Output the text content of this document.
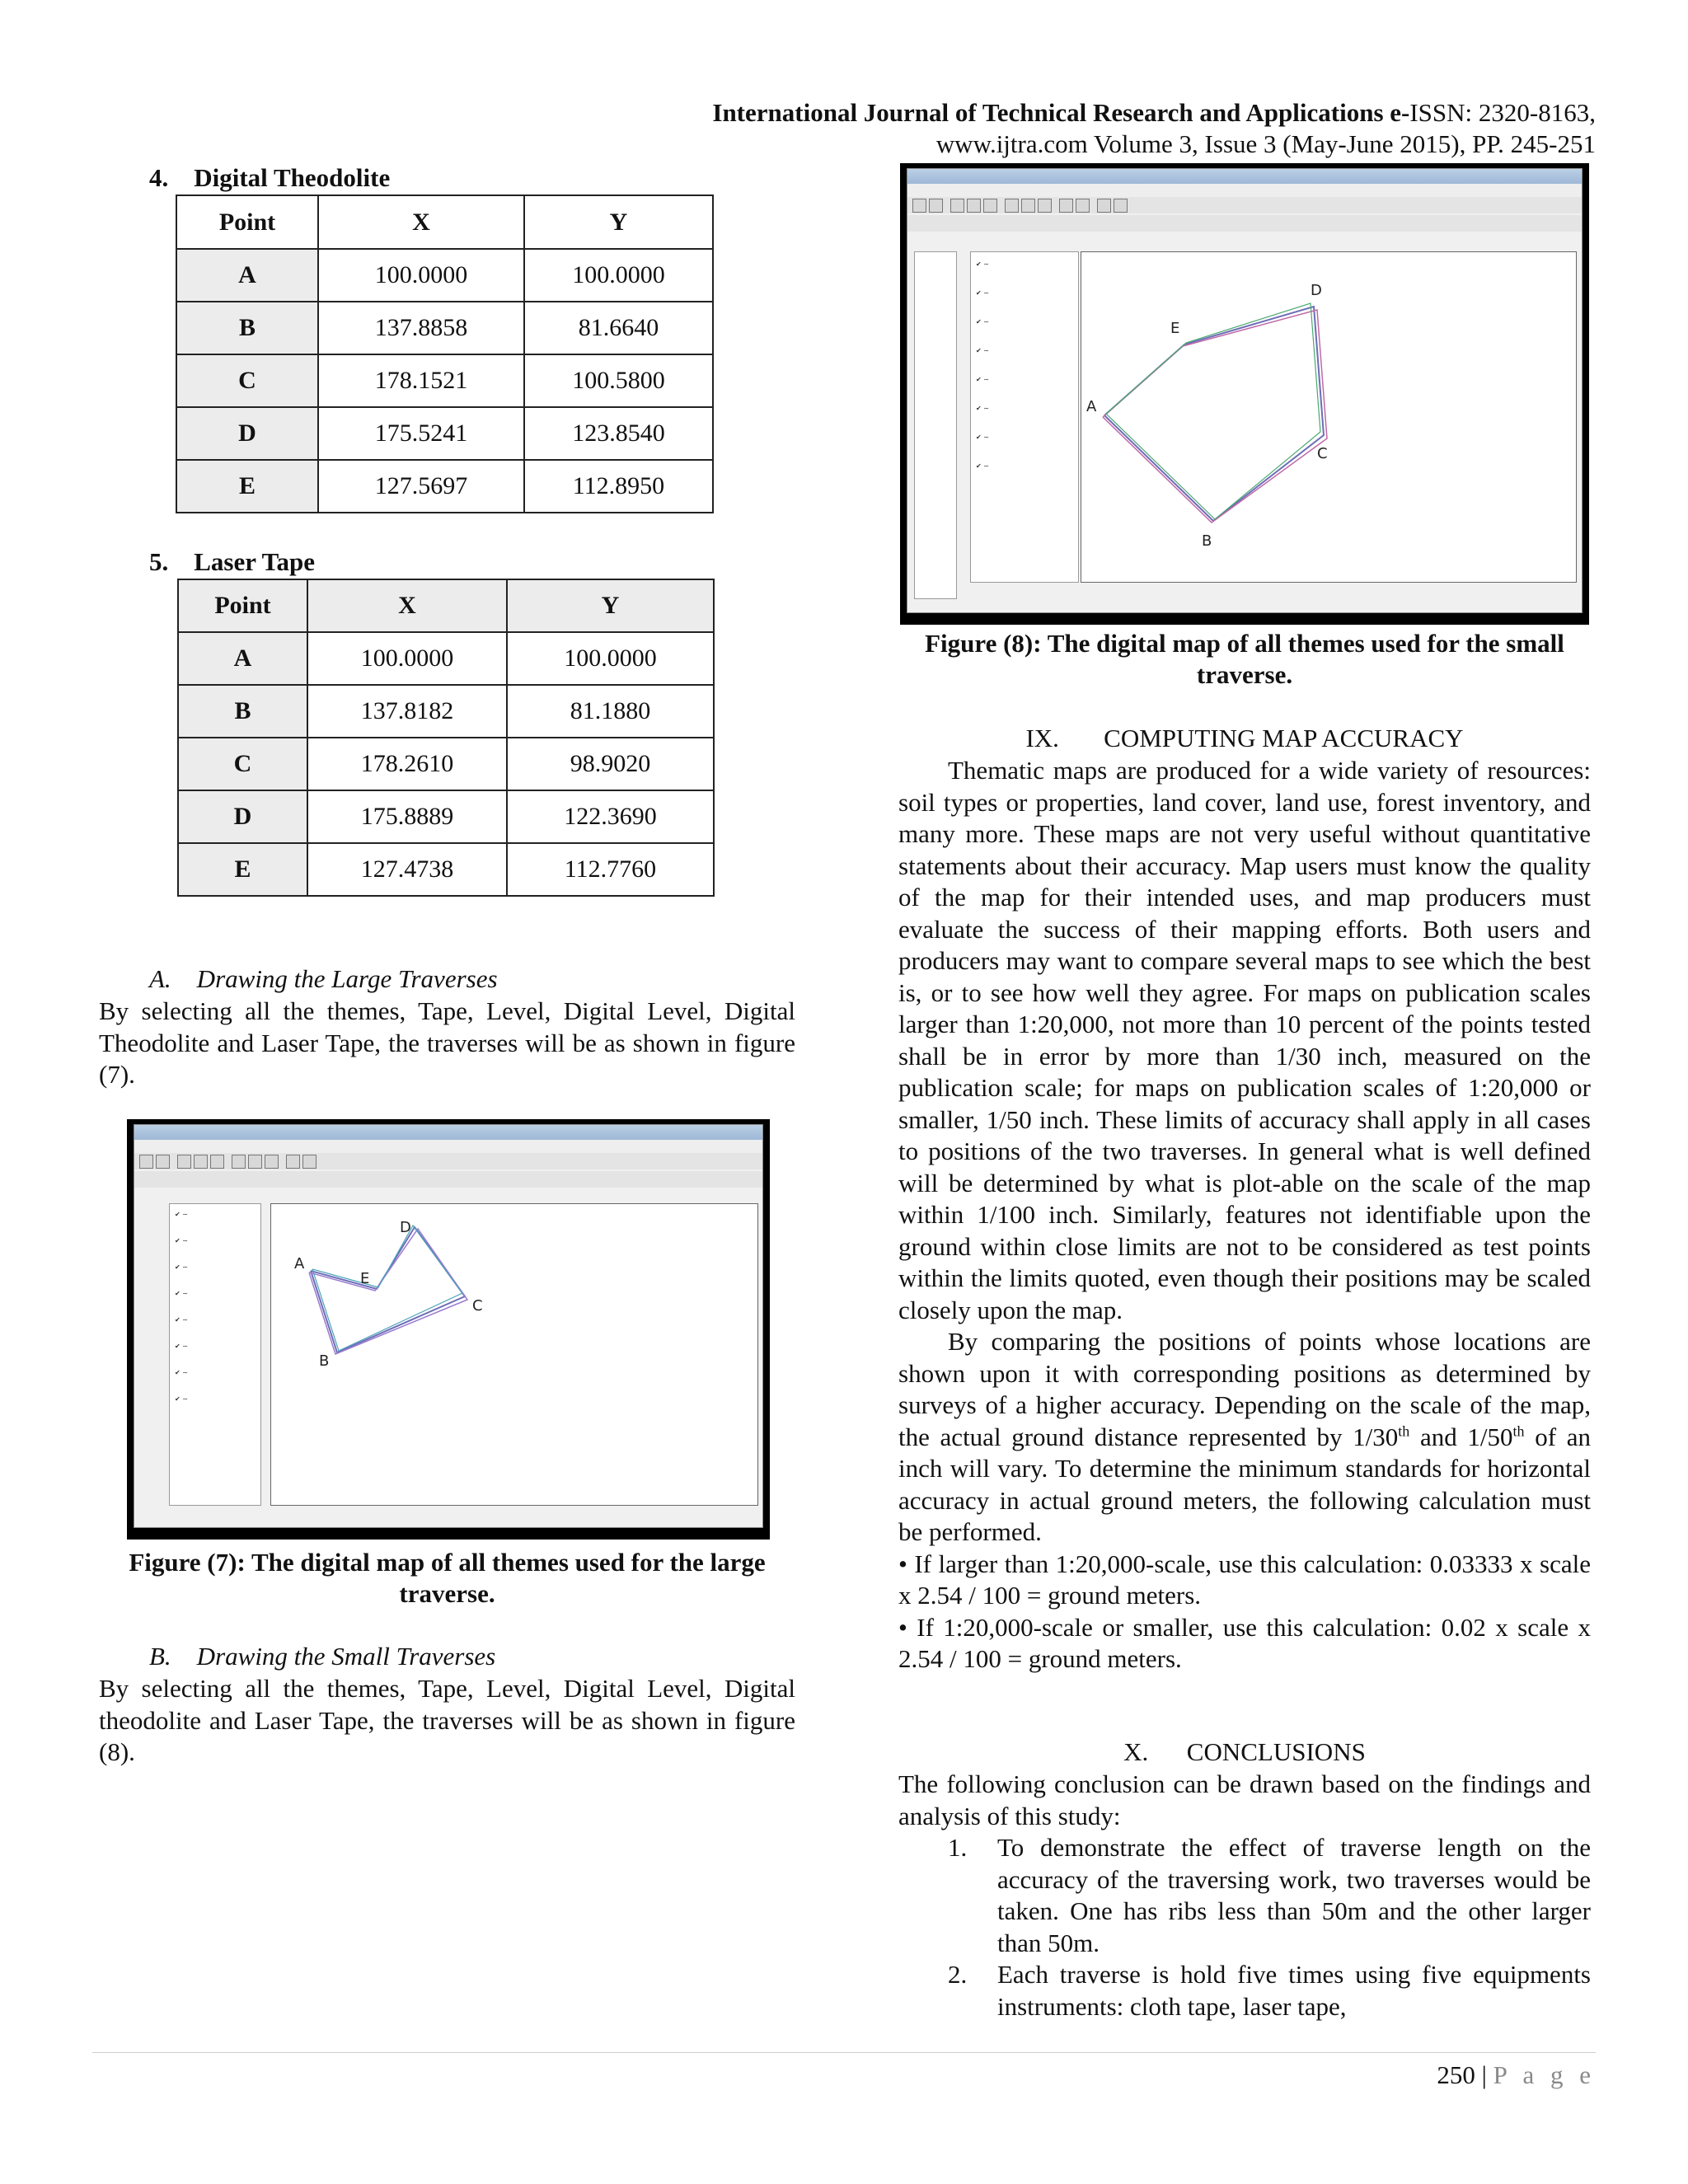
International Journal of Technical Research and Applications e-ISSN: 2320-8163,
www.ijtra.com Volume 3, Issue 3 (May-June 2015), PP. 245-251
4.    Digital Theodolite
Point	X	Y
A	100.0000	100.0000
B	137.8858	81.6640
C	178.1521	100.5800
D	175.5241	123.8540
E	127.5697	112.8950
5.    Laser Tape
Point	X	Y
A	100.0000	100.0000
B	137.8182	81.1880
C	178.2610	98.9020
D	175.8889	122.3690
E	127.4738	112.7760
A.    Drawing the Large Traverses
By selecting all the themes, Tape, Level, Digital Level, Digital Theodolite and Laser Tape, the traverses will be as shown in figure (7).
✔ ∼
✔ ∼
✔ ∼
✔ ∼
✔ ∼
✔ ∼
✔ ∼
✔ ∼
A
B
C
D
E
Figure (7): The digital map of all themes used for the large traverse.
B.    Drawing the Small Traverses
By selecting all the themes, Tape, Level, Digital Level, Digital theodolite and Laser Tape, the traverses will be as shown in figure (8).
✔ ∼
✔ ∼
✔ ∼
✔ ∼
✔ ∼
✔ ∼
✔ ∼
✔ ∼
A
B
C
D
E
Figure (8): The digital map of all themes used for the small traverse.
IX.       COMPUTING MAP ACCURACY

Thematic maps are produced for a wide variety of resources: soil types or properties, land cover, land use, forest inventory, and many more. These maps are not very useful without quantitative statements about their accuracy. Map users must know the quality of the map for their intended uses, and map producers must evaluate the success of their mapping efforts. Both users and producers may want to compare several maps to see which the best is, or to see how well they agree. For maps on publication scales larger than 1:20,000, not more than 10 percent of the points tested shall be in error by more than 1/30 inch, measured on the publication scale; for maps on publication scales of 1:20,000 or smaller, 1/50 inch. These limits of accuracy shall apply in all cases to positions of the two traverses. In general what is well defined will be determined by what is plot-able on the scale of the map within 1/100 inch. Similarly, features not identifiable upon the ground within close limits are not to be considered as test points within the limits quoted, even though their positions may be scaled closely upon the map.

By comparing the positions of points whose locations are shown upon it with corresponding positions as determined by surveys of a higher accuracy. Depending on the scale of the map, the actual ground distance represented by 1/30th and 1/50th of an inch will vary. To determine the minimum standards for horizontal accuracy in actual ground meters, the following calculation must be performed.

• If larger than 1:20,000-scale, use this calculation: 0.03333 x scale x 2.54 / 100 = ground meters.

• If 1:20,000-scale or smaller, use this calculation: 0.02 x scale x 2.54 / 100 = ground meters.

X.      CONCLUSIONS

The following conclusion can be drawn based on the findings and analysis of this study:

1. To demonstrate the effect of traverse length on the accuracy of the traversing work, two traverses would be taken. One has ribs less than 50m and the other larger than 50m.
2. Each traverse is hold five times using five equipments instruments: cloth tape, laser tape,
250 | P a g e
